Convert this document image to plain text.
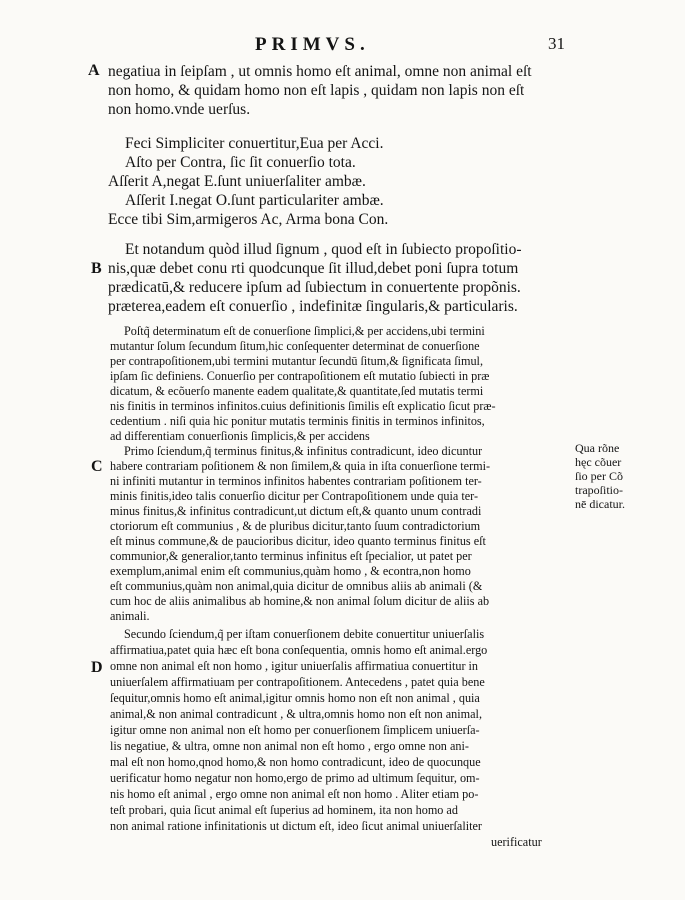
PRIMVS.	31
A
B
C
D
negatiua in ſeipſam , ut omnis homo eſt animal, omne non animal eſt
non homo, & quidam homo non eſt lapis , quidam non lapis non eſt
non homo.vnde uerſus.
Feci Simpliciter conuertitur,Eua per Acci.
Aſto per Contra, ſic ſit conuerſio tota.
Aſſerit A,negat E.ſunt uniuerſaliter ambæ.
Aſſerit I.negat O.ſunt particulariter ambæ.
Ecce tibi Sim,armigeros Ac, Arma bona Con.
Et notandum quòd illud ſignum , quod eſt in ſubiecto propoſitio-
nis,quæ debet conu rti quodcunque ſit illud,debet poni ſupra totum
prædicatū,& reducere ipſum ad ſubiectum in conuertente propõnis.
præterea,eadem eſt conuerſio , indefinitæ ſingularis,& particularis.
Poſtq̃ determinatum eſt de conuerſione ſimplici,& per accidens,ubi termini
mutantur ſolum ſecundum ſitum,hic conſequenter determinat de conuerſione
per contrapoſitionem,ubi termini mutantur ſecundū ſitum,& ſignificata ſimul,
ipſam ſic definiens. Conuerſio per contrapoſitionem eſt mutatio ſubiecti in præ
dicatum, & ecõuerſo manente eadem qualitate,& quantitate,ſed mutatis termi
nis finitis in terminos infinitos.cuius definitionis ſimilis eſt explicatio ſicut præ-
cedentium . niſi quia hic ponitur mutatis terminis finitis in terminos infinitos,
ad differentiam conuerſionis ſimplicis,& per accidens
Primo ſciendum,q̃ terminus finitus,& infinitus contradicunt, ideo dicuntur
habere contrariam poſitionem & non ſimilem,& quia in iſta conuerſione termi-
ni infiniti mutantur in terminos infinitos habentes contrariam poſitionem ter-
minis finitis,ideo talis conuerſio dicitur per Contrapoſitionem unde quia ter-
minus finitus,& infinitus contradicunt,ut dictum eſt,& quanto unum contradi
ctoriorum eſt communius , & de pluribus dicitur,tanto ſuum contradictorium
eſt minus commune,& de paucioribus dicitur, ideo quanto terminus finitus eſt
communior,& generalior,tanto terminus infinitus eſt ſpecialior, ut patet per
exemplum,animal enim eſt communius,quàm homo , & econtra,non homo
eſt communius,quàm non animal,quia dicitur de omnibus aliis ab animali (&
cum hoc de aliis animalibus ab homine,& non animal ſolum dicitur de aliis ab
animali.
Secundo ſciendum,q̃ per iſtam conuerſionem debite conuertitur uniuerſalis
affirmatiua,patet quia hæc eſt bona conſequentia, omnis homo eſt animal.ergo
omne non animal eſt non homo , igitur uniuerſalis affirmatiua conuertitur in
uniuerſalem affirmatiuam per contrapoſitionem. Antecedens , patet quia bene
ſequitur,omnis homo eſt animal,igitur omnis homo non eſt non animal , quia
animal,& non animal contradicunt , & ultra,omnis homo non eſt non animal,
igitur omne non animal non eſt homo per conuerſionem ſimplicem uniuerſa-
lis negatiue, & ultra, omne non animal non eſt homo , ergo omne non ani-
mal eſt non homo,qnod homo,& non homo contradicunt, ideo de quocunque
uerificatur homo negatur non homo,ergo de primo ad ultimum ſequitur, om-
nis homo eſt animal , ergo omne non animal eſt non homo . Aliter etiam po-
teſt probari, quia ſicut animal eſt ſuperius ad hominem, ita non homo ad
non animal ratione infinitationis ut dictum eſt, ideo ſicut animal uniuerſaliter
uerificatur
Qua rõne
hęc cõuer
ſio per Cõ
trapoſitio-
nē dicatur.
